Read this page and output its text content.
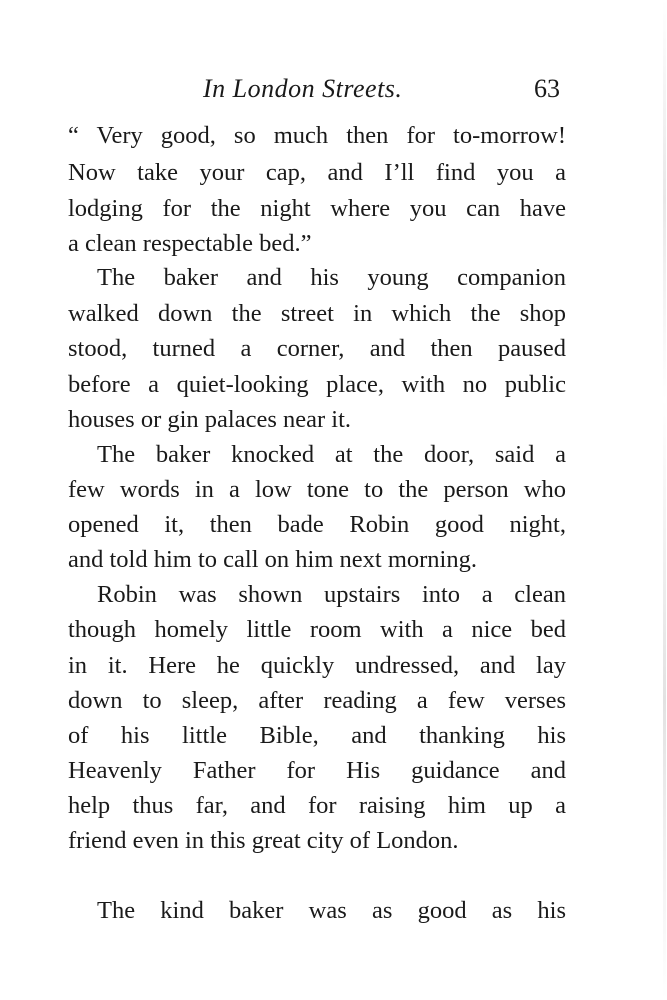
In London Streets.	63
“ Very good, so much then for to-morrow!
Now take your cap, and I’ll find you a
lodging for the night where you can have
a clean respectable bed.”
The baker and his young companion
walked down the street in which the shop
stood, turned a corner, and then paused
before a quiet-looking place, with no public
houses or gin palaces near it.
The baker knocked at the door, said a
few words in a low tone to the person who
opened it, then bade Robin good night,
and told him to call on him next morning.
Robin was shown upstairs into a clean
though homely little room with a nice bed
in it. Here he quickly undressed, and lay
down to sleep, after reading a few verses
of his little Bible, and thanking his
Heavenly Father for His guidance and
help thus far, and for raising him up a
friend even in this great city of London.
The kind baker was as good as his
